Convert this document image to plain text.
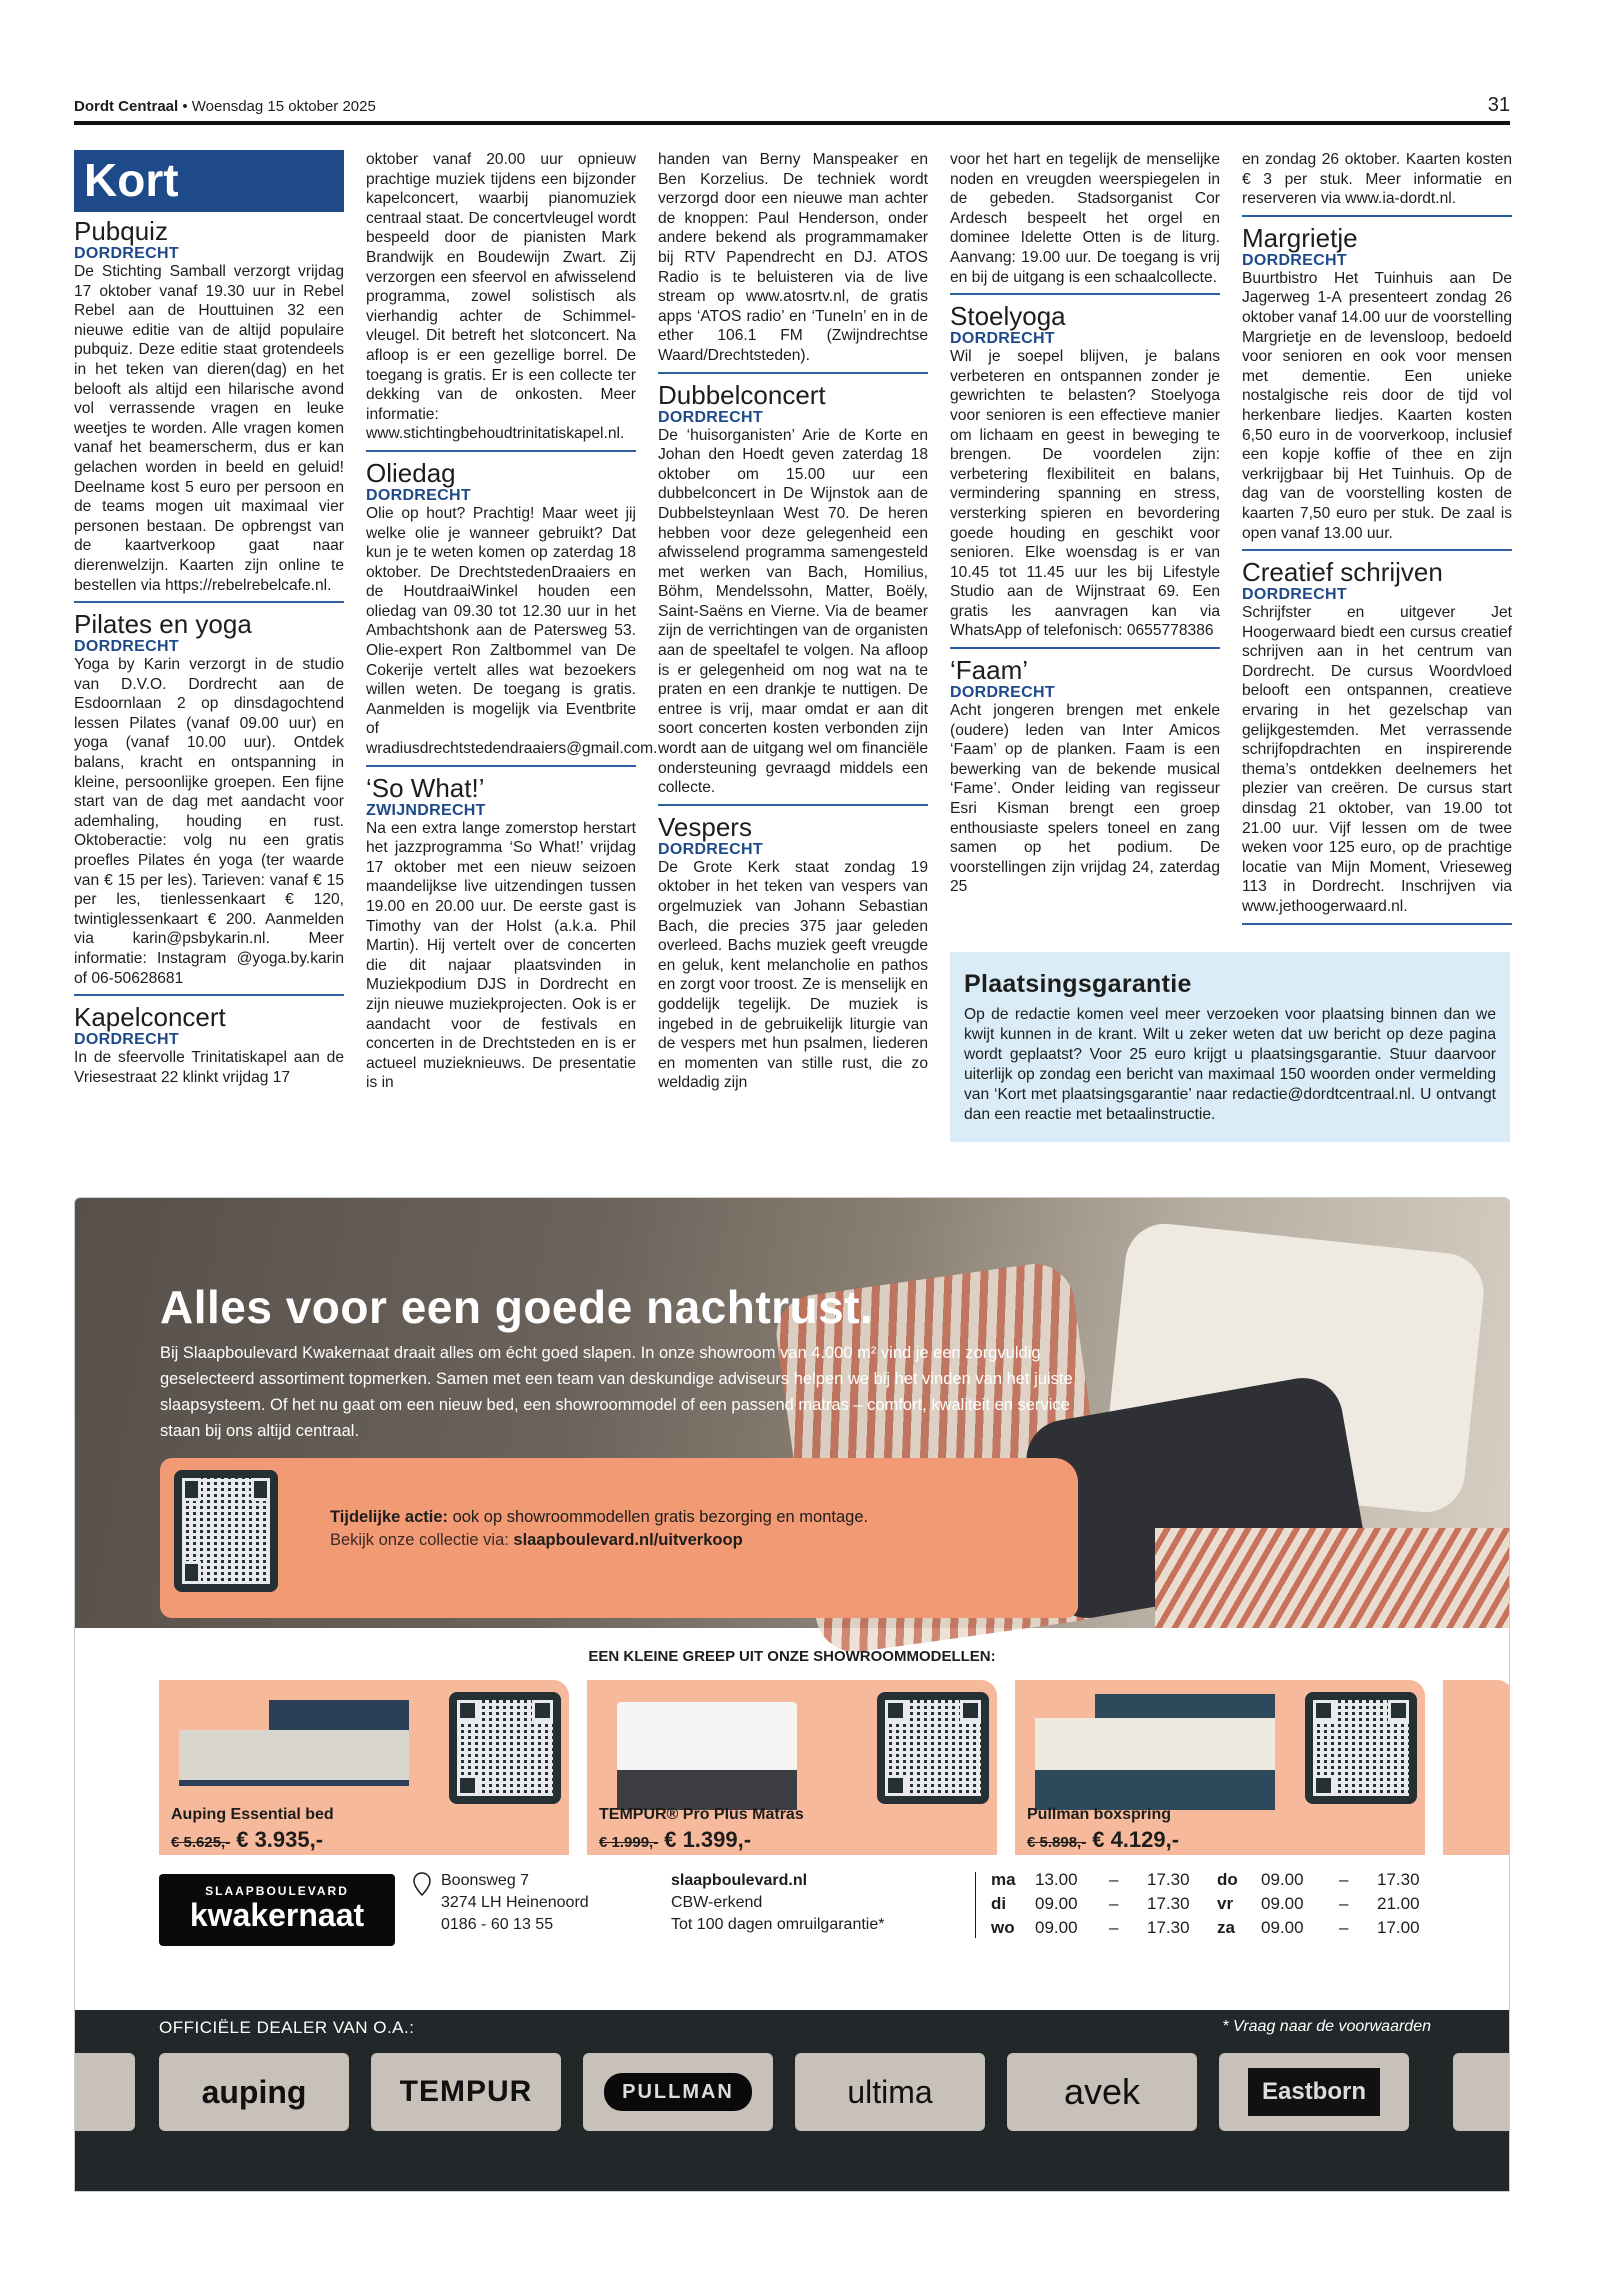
Dordt Centraal • Woensdag 15 oktober 2025	31
Kort
Pubquiz
DORDRECHT

De Stichting Samball verzorgt vrijdag 17 oktober vanaf 19.30 uur in Rebel Rebel aan de Houttuinen 32 een nieuwe editie van de altijd populaire pubquiz. Deze editie staat grotendeels in het teken van dieren(dag) en het belooft als altijd een hilarische avond vol verrassende vragen en leuke weetjes te worden. Alle vragen komen vanaf het beamerscherm, dus er kan gelachen worden in beeld en geluid! Deelname kost 5 euro per persoon en de teams mogen uit maximaal vier personen bestaan. De opbrengst van de kaartverkoop gaat naar dierenwelzijn. Kaarten zijn online te bestellen via https://rebelrebelcafe.nl.

Pilates en yoga
DORDRECHT

Yoga by Karin verzorgt in de studio van D.V.O. Dordrecht aan de Esdoornlaan 2 op dinsdagochtend lessen Pilates (vanaf 09.00 uur) en yoga (vanaf 10.00 uur). Ontdek balans, kracht en ontspanning in kleine, persoonlijke groepen. Een fijne start van de dag met aandacht voor ademhaling, houding en rust. Oktoberactie: volg nu een gratis proefles Pilates én yoga (ter waarde van € 15 per les). Tarieven: vanaf € 15 per les, tienlessenkaart € 120, twintiglessenkaart € 200. Aanmelden via karin@psbykarin.nl. Meer informatie: Instagram @yoga.by.karin of 06-50628681

Kapelconcert
DORDRECHT

In de sfeervolle Trinitatiskapel aan de Vriesestraat 22 klinkt vrijdag 17

oktober vanaf 20.00 uur opnieuw prachtige muziek tijdens een bijzonder kapelconcert, waarbij pianomuziek centraal staat. De concertvleugel wordt bespeeld door de pianisten Mark Brandwijk en Boudewijn Zwart. Zij verzorgen een sfeervol en afwisselend programma, zowel solistisch als vierhandig achter de Schimmel-vleugel. Dit betreft het slotconcert. Na afloop is er een gezellige borrel. De toegang is gratis. Er is een collecte ter dekking van de onkosten. Meer informatie: www.stichtingbehoudtrinitatiskapel.nl.

Oliedag
DORDRECHT

Olie op hout? Prachtig! Maar weet jij welke olie je wanneer gebruikt? Dat kun je te weten komen op zaterdag 18 oktober. De DrechtstedenDraaiers en de HoutdraaiWinkel houden een oliedag van 09.30 tot 12.30 uur in het Ambachtshonk aan de Patersweg 53. Olie-expert Ron Zaltbommel van De Cokerije vertelt alles wat bezoekers willen weten. De toegang is gratis. Aanmelden is mogelijk via Eventbrite of wradiusdrechtstedendraaiers@gmail.com.

‘So What!’
ZWIJNDRECHT

Na een extra lange zomerstop herstart het jazzprogramma ‘So What!’ vrijdag 17 oktober met een nieuw seizoen maandelijkse live uitzendingen tussen 19.00 en 20.00 uur. De eerste gast is Timothy van der Holst (a.k.a. Phil Martin). Hij vertelt over de concerten die dit najaar plaatsvinden in Muziekpodium DJS in Dordrecht en zijn nieuwe muziekprojecten. Ook is er aandacht voor de festivals en concerten in de Drechtsteden en is er actueel muzieknieuws. De presentatie is in

handen van Berny Manspeaker en Ben Korzelius. De techniek wordt verzorgd door een nieuwe man achter de knoppen: Paul Henderson, onder andere bekend als programmamaker bij RTV Papendrecht en DJ. ATOS Radio is te beluisteren via de live stream op www.atosrtv.nl, de gratis apps ‘ATOS radio’ en ‘TuneIn’ en in de ether 106.1 FM (Zwijndrechtse Waard/Drechtsteden).

Dubbelconcert
DORDRECHT

De ‘huisorganisten’ Arie de Korte en Johan den Hoedt geven zaterdag 18 oktober om 15.00 uur een dubbelconcert in De Wijnstok aan de Dubbelsteynlaan West 70. De heren hebben voor deze gelegenheid een afwisselend programma samengesteld met werken van Bach, Homilius, Böhm, Mendelssohn, Matter, Boëly, Saint-Saëns en Vierne. Via de beamer zijn de verrichtingen van de organisten aan de speeltafel te volgen. Na afloop is er gelegenheid om nog wat na te praten en een drankje te nuttigen. De entree is vrij, maar omdat er aan dit soort concerten kosten verbonden zijn wordt aan de uitgang wel om financiële ondersteuning gevraagd middels een collecte.

Vespers
DORDRECHT

De Grote Kerk staat zondag 19 oktober in het teken van vespers van orgelmuziek van Johann Sebastian Bach, die precies 375 jaar geleden overleed. Bachs muziek geeft vreugde en geluk, kent melancholie en pathos en zorgt voor troost. Ze is menselijk en goddelijk tegelijk. De muziek is ingebed in de gebruikelijk liturgie van de vespers met hun psalmen, liederen en momenten van stille rust, die zo weldadig zijn

voor het hart en tegelijk de menselijke noden en vreugden weerspiegelen in de gebeden. Stadsorganist Cor Ardesch bespeelt het orgel en dominee Idelette Otten is de liturg. Aanvang: 19.00 uur. De toegang is vrij en bij de uitgang is een schaalcollecte.

Stoelyoga
DORDRECHT

Wil je soepel blijven, je balans verbeteren en ontspannen zonder je gewrichten te belasten? Stoelyoga voor senioren is een effectieve manier om lichaam en geest in beweging te brengen. De voordelen zijn: verbetering flexibiliteit en balans, vermindering spanning en stress, versterking spieren en bevordering goede houding en geschikt voor senioren. Elke woensdag is er van 10.45 tot 11.45 uur les bij Lifestyle Studio aan de Wijnstraat 69. Een gratis les aanvragen kan via WhatsApp of telefonisch: 0655778386

‘Faam’
DORDRECHT

Acht jongeren brengen met enkele (oudere) leden van Inter Amicos ‘Faam’ op de planken. Faam is een bewerking van de bekende musical ‘Fame’. Onder leiding van regisseur Esri Kisman brengt een groep enthousiaste spelers toneel en zang samen op het podium. De voorstellingen zijn vrijdag 24, zaterdag 25

en zondag 26 oktober. Kaarten kosten € 3 per stuk. Meer informatie en reserveren via www.ia-dordt.nl.

Margrietje
DORDRECHT

Buurtbistro Het Tuinhuis aan De Jagerweg 1-A presenteert zondag 26 oktober vanaf 14.00 uur de voorstelling Margrietje en de levensloop, bedoeld voor senioren en ook voor mensen met dementie. Een unieke nostalgische reis door de tijd vol herkenbare liedjes. Kaarten kosten 6,50 euro in de voorverkoop, inclusief een kopje koffie of thee en zijn verkrijgbaar bij Het Tuinhuis. Op de dag van de voorstelling kosten de kaarten 7,50 euro per stuk. De zaal is open vanaf 13.00 uur.

Creatief schrijven
DORDRECHT

Schrijfster en uitgever Jet Hoogerwaard biedt een cursus creatief schrijven aan in het centrum van Dordrecht. De cursus Woordvloed belooft een ontspannen, creatieve ervaring in het gezelschap van gelijkgestemden. Met verrassende schrijfopdrachten en inspirerende thema’s ontdekken deelnemers het plezier van creëren. De cursus start dinsdag 21 oktober, van 19.00 tot 21.00 uur. Vijf lessen om de twee weken voor 125 euro, op de prachtige locatie van Mijn Moment, Vrieseweg 113 in Dordrecht. Inschrijven via www.jethoogerwaard.nl.

Plaatsingsgarantie

Op de redactie komen veel meer verzoeken voor plaatsing binnen dan we kwijt kunnen in de krant. Wilt u zeker weten dat uw bericht op deze pagina wordt geplaatst? Voor 25 euro krijgt u plaatsingsgarantie. Stuur daarvoor uiterlijk op zondag een bericht van maximaal 150 woorden onder vermelding van ‘Kort met plaatsingsgarantie’ naar redactie@dordtcentraal.nl. U ontvangt dan een reactie met betaalinstructie.

Alles voor een goede nachtrust.
Bij Slaapboulevard Kwakernaat draait alles om écht goed slapen. In onze showroom van 4.000 m² vind je een zorgvuldig geselecteerd assortiment topmerken. Samen met een team van deskundige adviseurs helpen we bij het vinden van het juiste slaapsysteem. Of het nu gaat om een nieuw bed, een showroommodel of een passend matras – comfort, kwaliteit en service staan bij ons altijd centraal.
Tijdelijke actie: ook op showroommodellen gratis bezorging en montage.
Bekijk onze collectie via: slaapboulevard.nl/uitverkoop
EEN KLEINE GREEP UIT ONZE SHOWROOMMODELLEN:
Auping Essential bed
€ 5.625,- € 3.935,-
TEMPUR® Pro Plus Matras
€ 1.999,- € 1.399,-
Pullman boxspring
€ 5.898,- € 4.129,-
SLAAPBOULEVARD
kwakernaat
Boonsweg 7
3274 LH Heinenoord
0186 - 60 13 55
slaapboulevard.nl
CBW-erkend
Tot 100 dagen omruilgarantie*
ma 13.00 – 17.30 do 09.00 – 17.30
di 09.00 – 17.30 vr 09.00 – 21.00
wo 09.00 – 17.30 za 09.00 – 17.00
OFFICIËLE DEALER VAN O.A.:	* Vraag naar de voorwaarden
auping	TEMPUR	PULLMAN	ultima	avek	Eastborn
